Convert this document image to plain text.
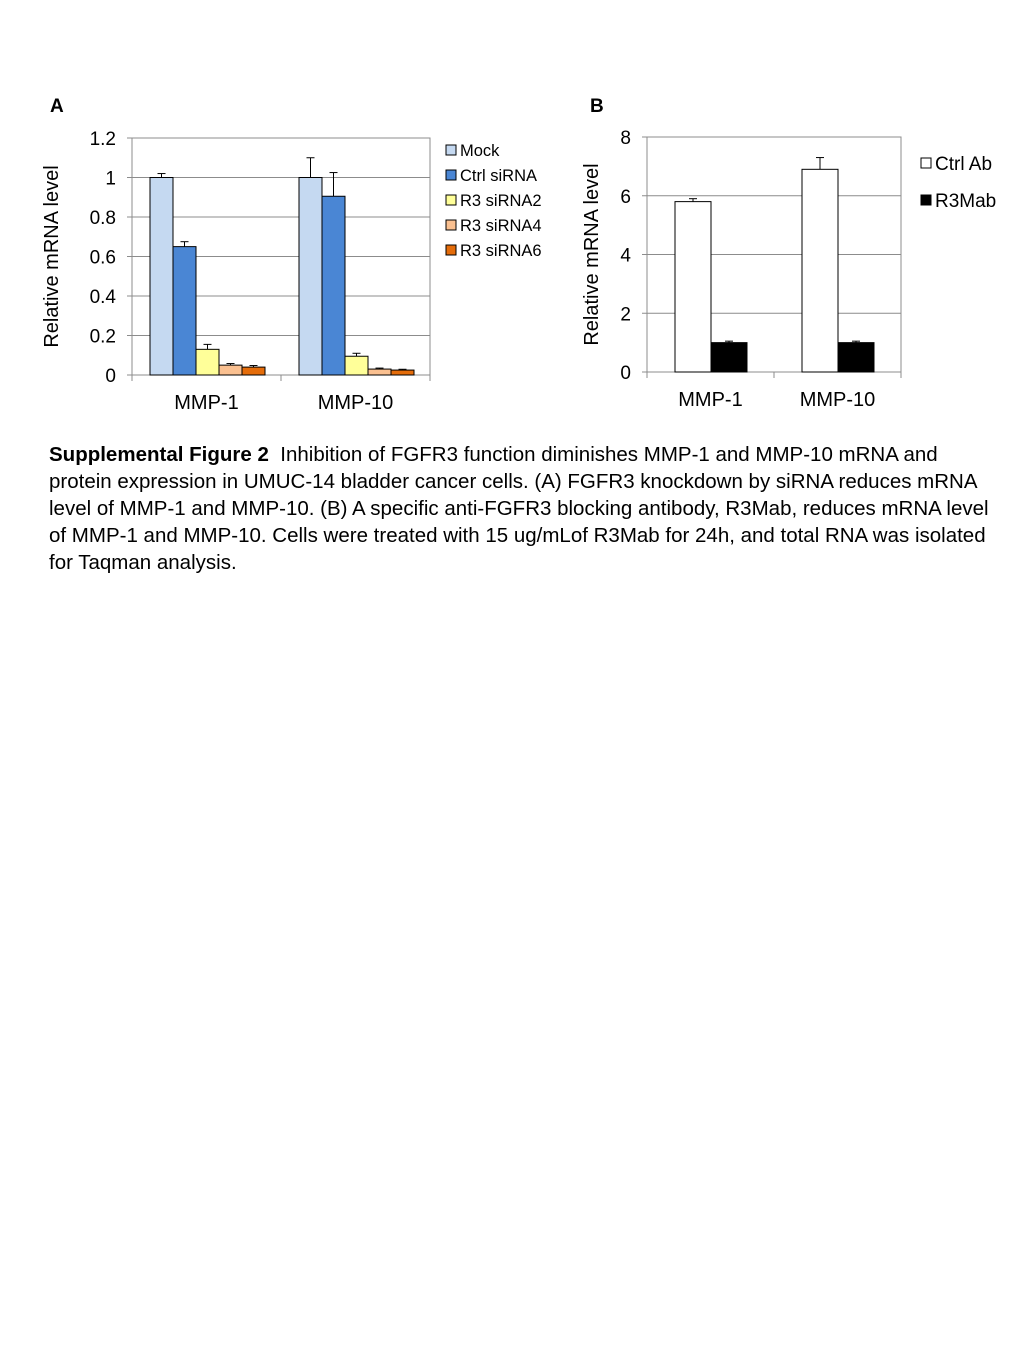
A
0
0.2
0.4
0.6
0.8
1
1.2
Relative mRNA level
MMP-1	MMP-10
Mock
Ctrl siRNA
R3 siRNA2
R3 siRNA4
R3 siRNA6
B
0
2
4
6
8
Relative mRNA level
MMP-1	MMP-10
Ctrl Ab
R3Mab
Supplemental Figure 2 Inhibition of FGFR3 function diminishes MMP-1 and MMP-10 mRNA and protein expression in UMUC-14 bladder cancer cells. (A) FGFR3 knockdown by siRNA reduces mRNA level of MMP-1 and MMP-10. (B) A specific anti-FGFR3 blocking antibody, R3Mab, reduces mRNA level of MMP-1 and MMP-10. Cells were treated with 15 ug/mLof R3Mab for 24h, and total RNA was isolated for Taqman analysis.
